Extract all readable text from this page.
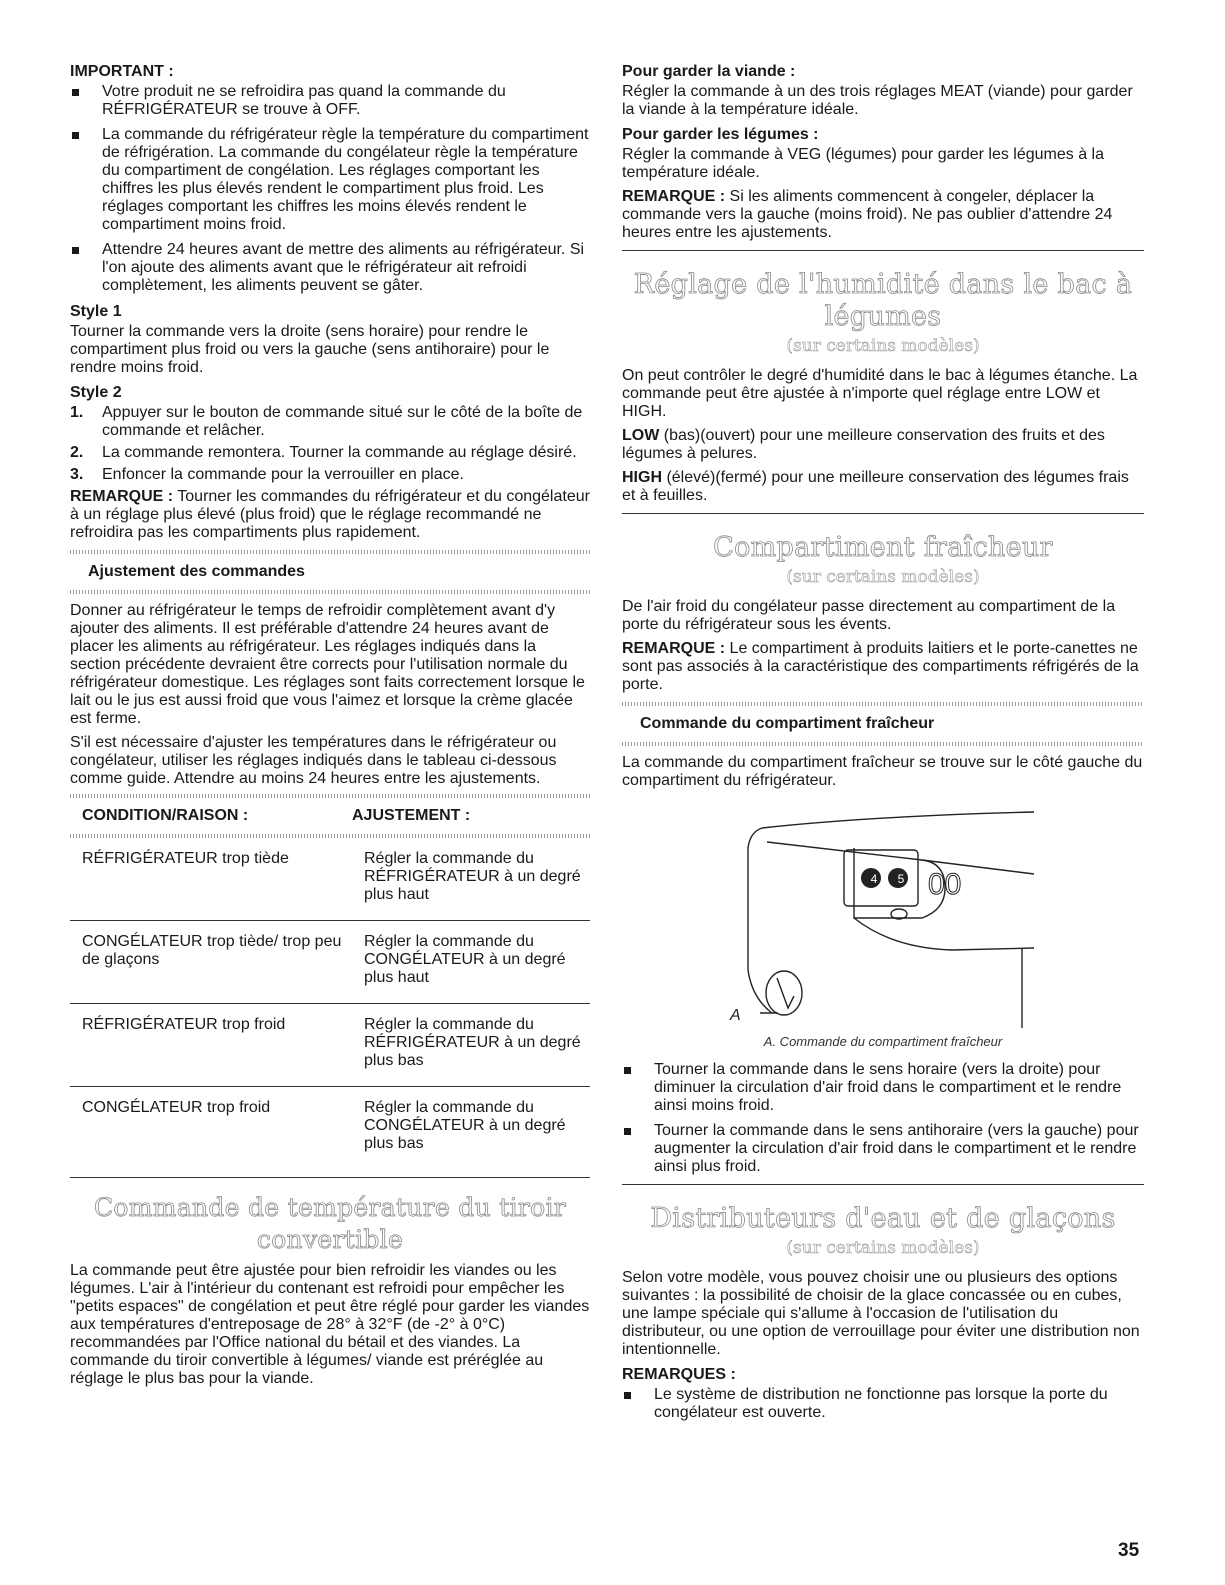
IMPORTANT :
Votre produit ne se refroidira pas quand la commande du RÉFRIGÉRATEUR se trouve à OFF.
La commande du réfrigérateur règle la température du compartiment de réfrigération. La commande du congélateur règle la température du compartiment de congélation. Les réglages comportant les chiffres les plus élevés rendent le compartiment plus froid. Les réglages comportant les chiffres les moins élevés rendent le compartiment moins froid.
Attendre 24 heures avant de mettre des aliments au réfrigérateur. Si l'on ajoute des aliments avant que le réfrigérateur ait refroidi complètement, les aliments peuvent se gâter.
Style 1

Tourner la commande vers la droite (sens horaire) pour rendre le compartiment plus froid ou vers la gauche (sens antihoraire) pour le rendre moins froid.

Style 2
1. Appuyer sur le bouton de commande situé sur le côté de la boîte de commande et relâcher.
2. La commande remontera. Tourner la commande au réglage désiré.
3. Enfoncer la commande pour la verrouiller en place.

REMARQUE : Tourner les commandes du réfrigérateur et du congélateur à un réglage plus élevé (plus froid) que le réglage recommandé ne refroidira pas les compartiments plus rapidement.

Ajustement des commandes

Donner au réfrigérateur le temps de refroidir complètement avant d'y ajouter des aliments. Il est préférable d'attendre 24 heures avant de placer les aliments au réfrigérateur. Les réglages indiqués dans la section précédente devraient être corrects pour l'utilisation normale du réfrigérateur domestique. Les réglages sont faits correctement lorsque le lait ou le jus est aussi froid que vous l'aimez et lorsque la crème glacée est ferme.

S'il est nécessaire d'ajuster les températures dans le réfrigérateur ou congélateur, utiliser les réglages indiqués dans le tableau ci-dessous comme guide. Attendre au moins 24 heures entre les ajustements.

CONDITION/RAISON :	AJUSTEMENT :
RÉFRIGÉRATEUR trop tiède	Régler la commande du RÉFRIGÉRATEUR à un degré plus haut
CONGÉLATEUR trop tiède/ trop peu de glaçons	Régler la commande du CONGÉLATEUR à un degré plus haut
RÉFRIGÉRATEUR trop froid	Régler la commande du RÉFRIGÉRATEUR à un degré plus bas
CONGÉLATEUR trop froid	Régler la commande du CONGÉLATEUR à un degré plus bas
Commande de température du tiroir convertible

La commande peut être ajustée pour bien refroidir les viandes ou les légumes. L'air à l'intérieur du contenant est refroidi pour empêcher les "petits espaces" de congélation et peut être réglé pour garder les viandes aux températures d'entreposage de 28° à 32°F (de -2° à 0°C) recommandées par l'Office national du bétail et des viandes. La commande du tiroir convertible à légumes/ viande est préréglée au réglage le plus bas pour la viande.

Pour garder la viande :

Régler la commande à un des trois réglages MEAT (viande) pour garder la viande à la température idéale.

Pour garder les légumes :

Régler la commande à VEG (légumes) pour garder les légumes à la température idéale.

REMARQUE : Si les aliments commencent à congeler, déplacer la commande vers la gauche (moins froid). Ne pas oublier d'attendre 24 heures entre les ajustements.

Réglage de l'humidité dans le bac à légumes
(sur certains modèles)

On peut contrôler le degré d'humidité dans le bac à légumes étanche. La commande peut être ajustée à n'importe quel réglage entre LOW et HIGH.

LOW (bas)(ouvert) pour une meilleure conservation des fruits et des légumes à pelures.

HIGH (élevé)(fermé) pour une meilleure conservation des légumes frais et à feuilles.

Compartiment fraîcheur
(sur certains modèles)

De l'air froid du congélateur passe directement au compartiment de la porte du réfrigérateur sous les évents.

REMARQUE : Le compartiment à produits laitiers et le porte-canettes ne sont pas associés à la caractéristique des compartiments réfrigérés de la porte.

Commande du compartiment fraîcheur

La commande du compartiment fraîcheur se trouve sur le côté gauche du compartiment du réfrigérateur.

4 5 00
A
A. Commande du compartiment fraîcheur
Tourner la commande dans le sens horaire (vers la droite) pour diminuer la circulation d'air froid dans le compartiment et le rendre ainsi moins froid.
Tourner la commande dans le sens antihoraire (vers la gauche) pour augmenter la circulation d'air froid dans le compartiment et le rendre ainsi plus froid.
Distributeurs d'eau et de glaçons
(sur certains modèles)

Selon votre modèle, vous pouvez choisir une ou plusieurs des options suivantes : la possibilité de choisir de la glace concassée ou en cubes, une lampe spéciale qui s'allume à l'occasion de l'utilisation du distributeur, ou une option de verrouillage pour éviter une distribution non intentionnelle.

REMARQUES :
Le système de distribution ne fonctionne pas lorsque la porte du congélateur est ouverte.
35
